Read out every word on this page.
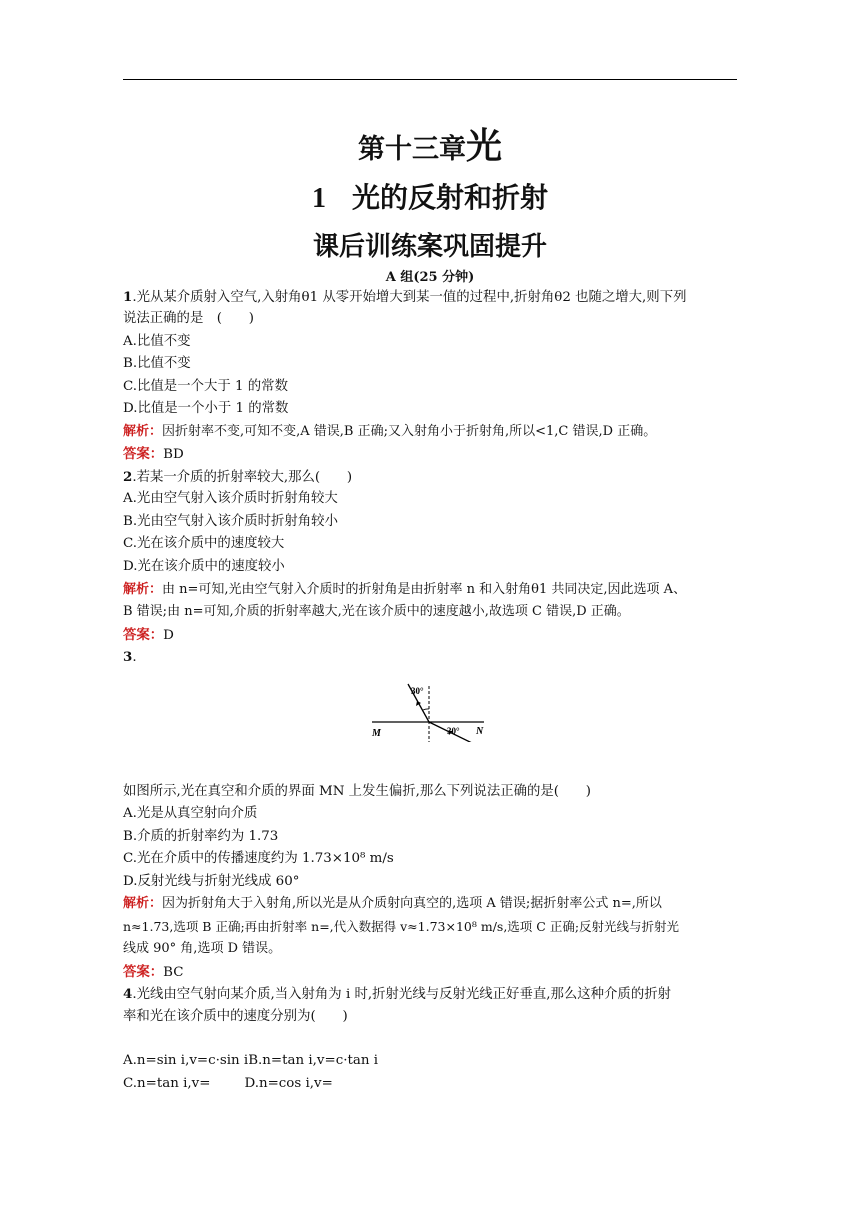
第十三章光
1 光的反射和折射
课后训练案巩固提升
A 组(25 分钟)
1.光从某介质射入空气,入射角θ1 从零开始增大到某一值的过程中,折射角θ2 也随之增大,则下列
说法正确的是　(　　)
A.比值不变
B.比值不变
C.比值是一个大于 1 的常数
D.比值是一个小于 1 的常数
解析：因折射率不变,可知不变,A 错误,B 正确;又入射角小于折射角,所以<1,C 错误,D 正确。
答案：BD
2.若某一介质的折射率较大,那么(　　)
A.光由空气射入该介质时折射角较大
B.光由空气射入该介质时折射角较小
C.光在该介质中的速度较大
D.光在该介质中的速度较小
解析：由 n=可知,光由空气射入介质时的折射角是由折射率 n 和入射角θ1 共同决定,因此选项 A、
B 错误;由 n=可知,介质的折射率越大,光在该介质中的速度越小,故选项 C 错误,D 正确。
答案：D
3.
30°
30°
M	N
如图所示,光在真空和介质的界面 MN 上发生偏折,那么下列说法正确的是(　　)
A.光是从真空射向介质
B.介质的折射率约为 1.73
C.光在介质中的传播速度约为 1.73×10⁸ m/s
D.反射光线与折射光线成 60°
解析：因为折射角大于入射角,所以光是从介质射向真空的,选项 A 错误;据折射率公式 n=,所以
n≈1.73,选项 B 正确;再由折射率 n=,代入数据得 v≈1.73×10⁸ m/s,选项 C 正确;反射光线与折射光
线成 90° 角,选项 D 错误。
答案：BC
4.光线由空气射向某介质,当入射角为 i 时,折射光线与反射光线正好垂直,那么这种介质的折射
率和光在该介质中的速度分别为(　　)
A.n=sin i,v=c·sin iB.n=tan i,v=c·tan i
C.n=tan i,v=	D.n=cos i,v=
